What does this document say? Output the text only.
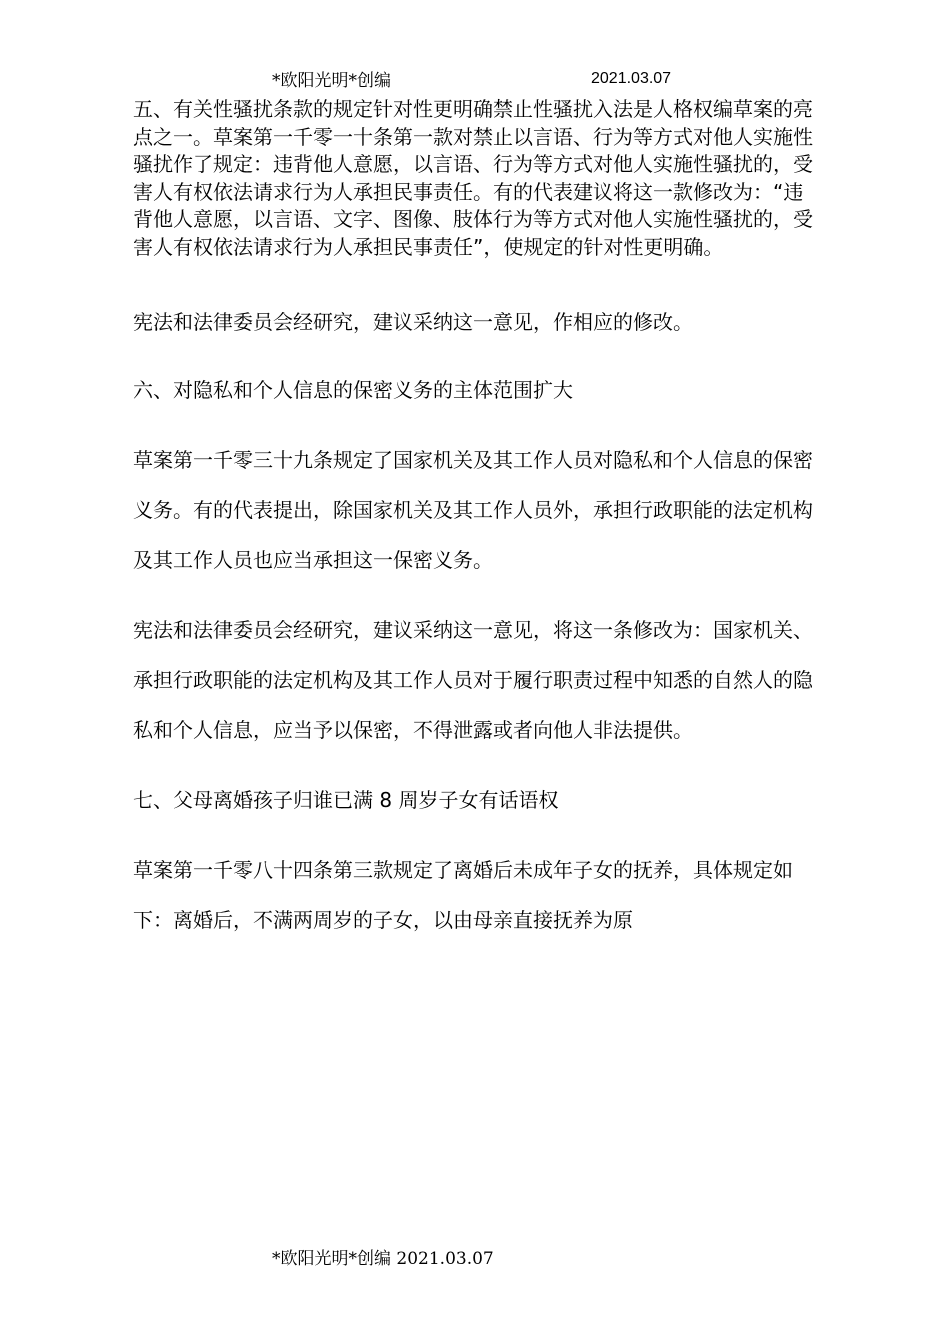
*欧阳光明*创编	2021.03.07

五、有关性骚扰条款的规定针对性更明确禁止性骚扰入法是人格权编草案的亮点之一。草案第一千零一十条第一款对禁止以言语、行为等方式对他人实施性骚扰作了规定：违背他人意愿，以言语、行为等方式对他人实施性骚扰的，受害人有权依法请求行为人承担民事责任。有的代表建议将这一款修改为：“违背他人意愿，以言语、文字、图像、肢体行为等方式对他人实施性骚扰的，受害人有权依法请求行为人承担民事责任”，使规定的针对性更明确。

宪法和法律委员会经研究，建议采纳这一意见，作相应的修改。

六、对隐私和个人信息的保密义务的主体范围扩大

草案第一千零三十九条规定了国家机关及其工作人员对隐私和个人信息的保密义务。有的代表提出，除国家机关及其工作人员外，承担行政职能的法定机构及其工作人员也应当承担这一保密义务。

宪法和法律委员会经研究，建议采纳这一意见，将这一条修改为：国家机关、承担行政职能的法定机构及其工作人员对于履行职责过程中知悉的自然人的隐私和个人信息，应当予以保密，不得泄露或者向他人非法提供。

七、父母离婚孩子归谁已满 8 周岁子女有话语权

草案第一千零八十四条第三款规定了离婚后未成年子女的抚养，具体规定如下：离婚后，不满两周岁的子女，以由母亲直接抚养为原

*欧阳光明*创编 2021.03.07
